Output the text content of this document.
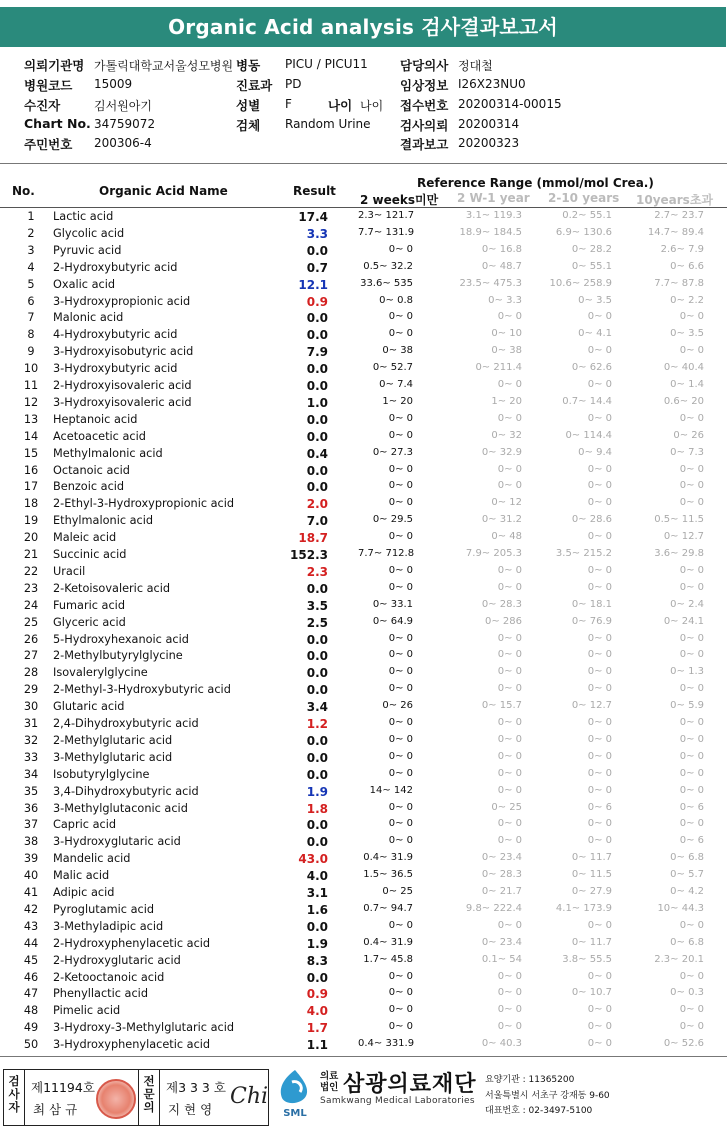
Organic Acid analysis 검사결과보고서
의뢰기관명 가톨릭대학교서울성모병원 병동 PICU / PICU11	담당의사 정대철
병원코드 15009	진료과 PD	임상정보 I26X23NU0
수진자	김서원아기	성별 F	나이 나이 접수번호 20200314-00015
Chart No. 34759072	검체 Random Urine 검사의뢰 20200314
주민번호 200306-4	결과보고 20200323
No.	Organic Acid Name	Result
Reference Range (mmol/mol Crea.)
2 weeks미만 2 W-1 year 2-10 years 10years초과
1	Lactic acid	17.4	2.3~ 121.7	3.1~ 119.3	0.2~ 55.1	2.7~ 23.7
2	Glycolic acid	3.3	7.7~ 131.9	18.9~ 184.5	6.9~ 130.6	14.7~ 89.4
3	Pyruvic acid	0.0	0~ 0	0~ 16.8	0~ 28.2	2.6~ 7.9
4	2-Hydroxybutyric acid	0.7	0.5~ 32.2	0~ 48.7	0~ 55.1	0~ 6.6
5	Oxalic acid	12.1	33.6~ 535	23.5~ 475.3	10.6~ 258.9	7.7~ 87.8
6	3-Hydroxypropionic acid	0.9	0~ 0.8	0~ 3.3	0~ 3.5	0~ 2.2
7	Malonic acid	0.0	0~ 0	0~ 0	0~ 0	0~ 0
8	4-Hydroxybutyric acid	0.0	0~ 0	0~ 10	0~ 4.1	0~ 3.5
9	3-Hydroxyisobutyric acid	7.9	0~ 38	0~ 38	0~ 0	0~ 0
10	3-Hydroxybutyric acid	0.0	0~ 52.7	0~ 211.4	0~ 62.6	0~ 40.4
11	2-Hydroxyisovaleric acid	0.0	0~ 7.4	0~ 0	0~ 0	0~ 1.4
12	3-Hydroxyisovaleric acid	1.0	1~ 20	1~ 20	0.7~ 14.4	0.6~ 20
13	Heptanoic acid	0.0	0~ 0	0~ 0	0~ 0	0~ 0
14	Acetoacetic acid	0.0	0~ 0	0~ 32	0~ 114.4	0~ 26
15	Methylmalonic acid	0.4	0~ 27.3	0~ 32.9	0~ 9.4	0~ 7.3
16	Octanoic acid	0.0	0~ 0	0~ 0	0~ 0	0~ 0
17	Benzoic acid	0.0	0~ 0	0~ 0	0~ 0	0~ 0
18	2-Ethyl-3-Hydroxypropionic acid	2.0	0~ 0	0~ 12	0~ 0	0~ 0
19	Ethylmalonic acid	7.0	0~ 29.5	0~ 31.2	0~ 28.6	0.5~ 11.5
20	Maleic acid	18.7	0~ 0	0~ 48	0~ 0	0~ 12.7
21	Succinic acid	152.3	7.7~ 712.8	7.9~ 205.3	3.5~ 215.2	3.6~ 29.8
22	Uracil	2.3	0~ 0	0~ 0	0~ 0	0~ 0
23	2-Ketoisovaleric acid	0.0	0~ 0	0~ 0	0~ 0	0~ 0
24	Fumaric acid	3.5	0~ 33.1	0~ 28.3	0~ 18.1	0~ 2.4
25	Glyceric acid	2.5	0~ 64.9	0~ 286	0~ 76.9	0~ 24.1
26	5-Hydroxyhexanoic acid	0.0	0~ 0	0~ 0	0~ 0	0~ 0
27	2-Methylbutyrylglycine	0.0	0~ 0	0~ 0	0~ 0	0~ 0
28	Isovalerylglycine	0.0	0~ 0	0~ 0	0~ 0	0~ 1.3
29	2-Methyl-3-Hydroxybutyric acid	0.0	0~ 0	0~ 0	0~ 0	0~ 0
30	Glutaric acid	3.4	0~ 26	0~ 15.7	0~ 12.7	0~ 5.9
31	2,4-Dihydroxybutyric acid	1.2	0~ 0	0~ 0	0~ 0	0~ 0
32	2-Methylglutaric acid	0.0	0~ 0	0~ 0	0~ 0	0~ 0
33	3-Methylglutaric acid	0.0	0~ 0	0~ 0	0~ 0	0~ 0
34	Isobutyrylglycine	0.0	0~ 0	0~ 0	0~ 0	0~ 0
35	3,4-Dihydroxybutyric acid	1.9	14~ 142	0~ 0	0~ 0	0~ 0
36	3-Methylglutaconic acid	1.8	0~ 0	0~ 25	0~ 6	0~ 6
37	Capric acid	0.0	0~ 0	0~ 0	0~ 0	0~ 0
38	3-Hydroxyglutaric acid	0.0	0~ 0	0~ 0	0~ 0	0~ 6
39	Mandelic acid	43.0	0.4~ 31.9	0~ 23.4	0~ 11.7	0~ 6.8
40	Malic acid	4.0	1.5~ 36.5	0~ 28.3	0~ 11.5	0~ 5.7
41	Adipic acid	3.1	0~ 25	0~ 21.7	0~ 27.9	0~ 4.2
42	Pyroglutamic acid	1.6	0.7~ 94.7	9.8~ 222.4	4.1~ 173.9	10~ 44.3
43	3-Methyladipic acid	0.0	0~ 0	0~ 0	0~ 0	0~ 0
44	2-Hydroxyphenylacetic acid	1.9	0.4~ 31.9	0~ 23.4	0~ 11.7	0~ 6.8
45	2-Hydroxyglutaric acid	8.3	1.7~ 45.8	0.1~ 54	3.8~ 55.5	2.3~ 20.1
46	2-Ketooctanoic acid	0.0	0~ 0	0~ 0	0~ 0	0~ 0
47	Phenyllactic acid	0.9	0~ 0	0~ 0	0~ 10.7	0~ 0.3
48	Pimelic acid	4.0	0~ 0	0~ 0	0~ 0	0~ 0
49	3-Hydroxy-3-Methylglutaric acid	1.7	0~ 0	0~ 0	0~ 0	0~ 0
50	3-Hydroxyphenylacetic acid	1.1	0.4~ 331.9	0~ 40.3	0~ 0	0~ 52.6
검사자
제11194호
최 삼 규
전문의
제3 3 3 호
지 현 영
Chi
SML
의료법인 삼광의료재단
Samkwang Medical Laboratories
요양기관 : 11365200
서울특별시 서초구 강재동 9-60
대표번호 : 02-3497-5100
